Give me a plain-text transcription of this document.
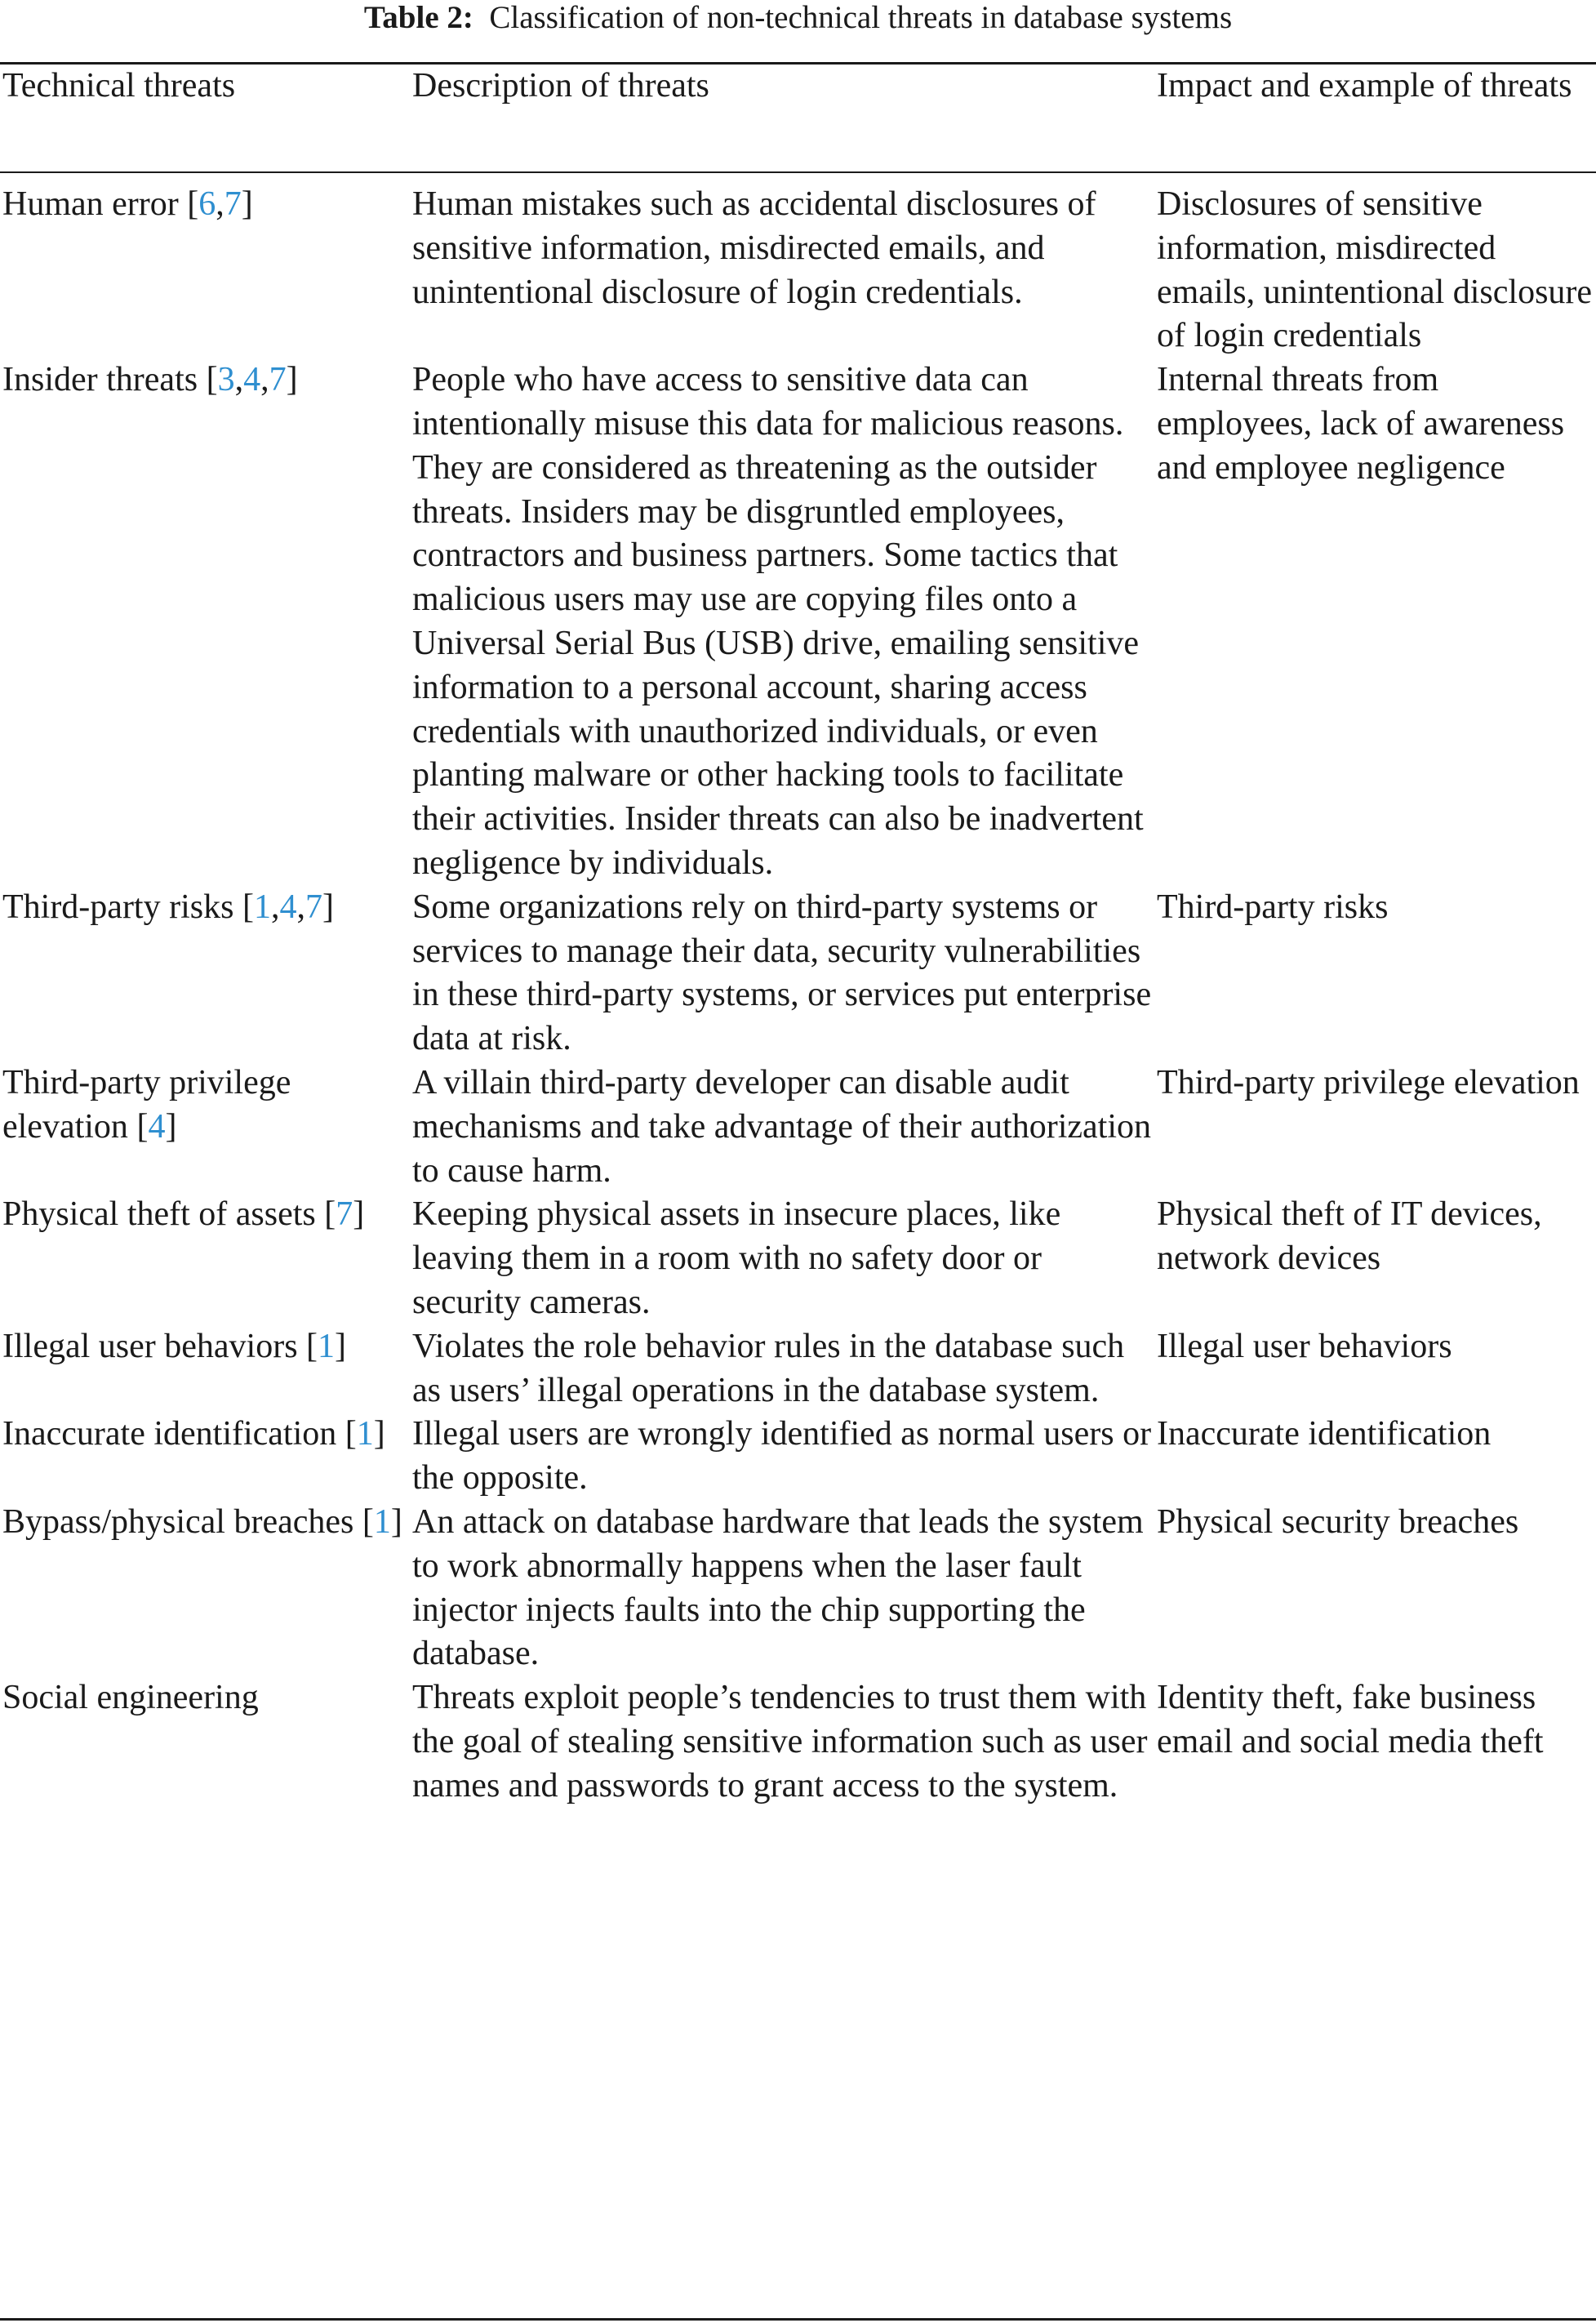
Table 2: Classification of non-technical threats in database systems
Technical threats	Description of threats	Impact and example of threats
Human error [6,7]	Human mistakes such as accidental disclosures of sensitive information, misdirected emails, and unintentional disclosure of login credentials.	Disclosures of sensitive information, misdirected emails, unintentional disclosure of login credentials
Insider threats [3,4,7]	People who have access to sensitive data can intentionally misuse this data for malicious reasons. They are considered as threatening as the outsider threats. Insiders may be disgruntled employees, contractors and business partners. Some tactics that malicious users may use are copying files onto a Universal Serial Bus (USB) drive, emailing sensitive information to a personal account, sharing access credentials with unauthorized individuals, or even planting malware or other hacking tools to facilitate their activities. Insider threats can also be inadvertent negligence by individuals.	Internal threats from employees, lack of awareness and employee negligence
Third-party risks [1,4,7]	Some organizations rely on third-party systems or services to manage their data, security vulnerabilities in these third-party systems, or services put enterprise data at risk.	Third-party risks
Third-party privilege elevation [4]	A villain third-party developer can disable audit mechanisms and take advantage of their authorization to cause harm.	Third-party privilege elevation
Physical theft of assets [7]	Keeping physical assets in insecure places, like leaving them in a room with no safety door or security cameras.	Physical theft of IT devices, network devices
Illegal user behaviors [1]	Violates the role behavior rules in the database such as users’ illegal operations in the database system.	Illegal user behaviors
Inaccurate identification [1]	Illegal users are wrongly identified as normal users or the opposite.	Inaccurate identification
Bypass/physical breaches [1]	An attack on database hardware that leads the system to work abnormally happens when the laser fault injector injects faults into the chip supporting the database.	Physical security breaches
Social engineering	Threats exploit people’s tendencies to trust them with the goal of stealing sensitive information such as user names and passwords to grant access to the system.	Identity theft, fake business email and social media theft
